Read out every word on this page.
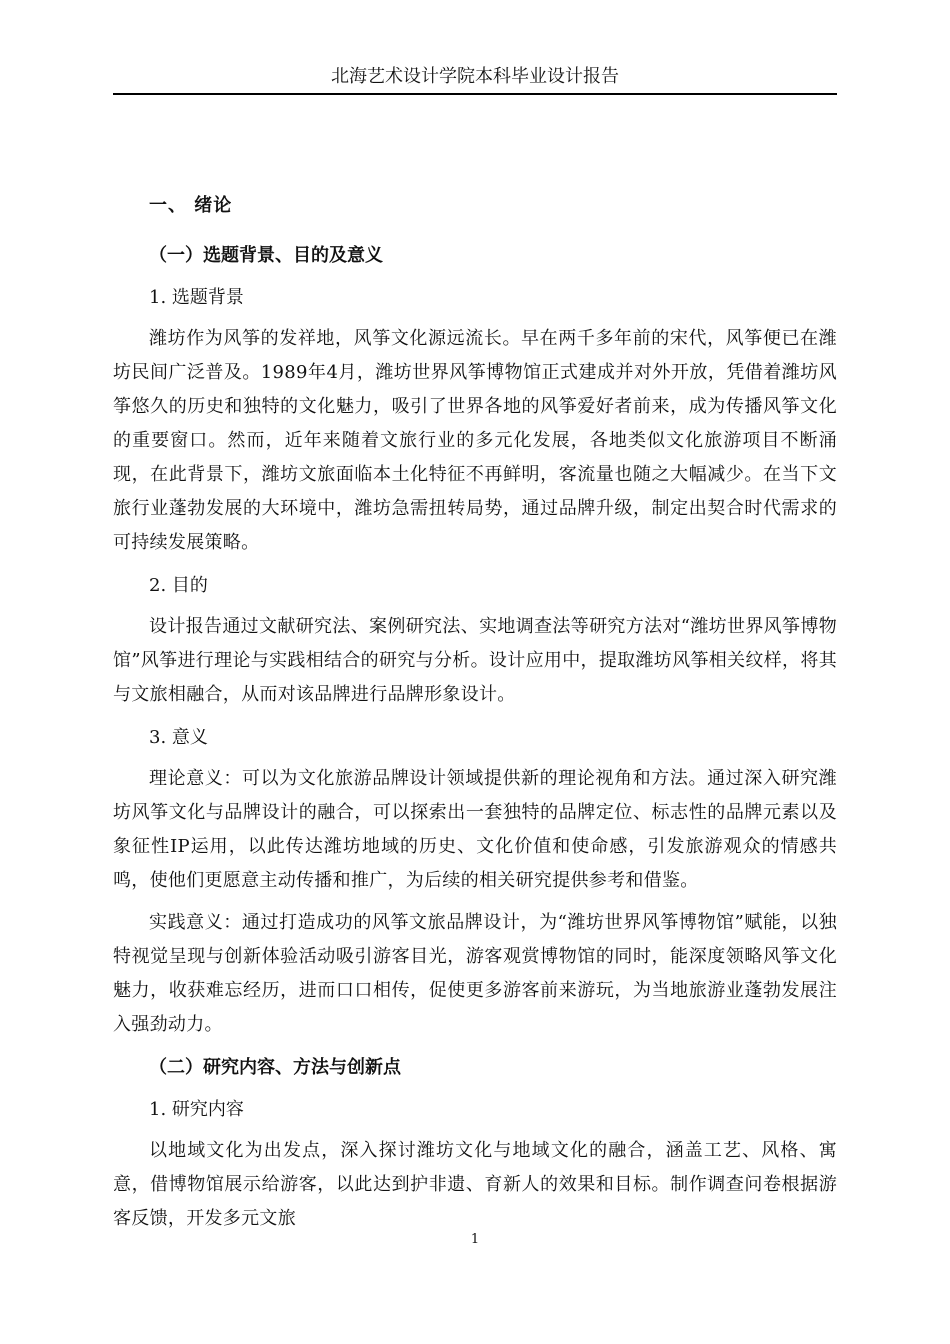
北海艺术设计学院本科毕业设计报告
一、 绪论
（一）选题背景、目的及意义
1. 选题背景

潍坊作为风筝的发祥地，风筝文化源远流长。早在两千多年前的宋代，风筝便已在潍坊民间广泛普及。1989年4月，潍坊世界风筝博物馆正式建成并对外开放，凭借着潍坊风筝悠久的历史和独特的文化魅力，吸引了世界各地的风筝爱好者前来，成为传播风筝文化的重要窗口。然而，近年来随着文旅行业的多元化发展，各地类似文化旅游项目不断涌现，在此背景下，潍坊文旅面临本土化特征不再鲜明，客流量也随之大幅减少。在当下文旅行业蓬勃发展的大环境中，潍坊急需扭转局势，通过品牌升级，制定出契合时代需求的可持续发展策略。

2. 目的

设计报告通过文献研究法、案例研究法、实地调查法等研究方法对“潍坊世界风筝博物馆”风筝进行理论与实践相结合的研究与分析。设计应用中，提取潍坊风筝相关纹样，将其与文旅相融合，从而对该品牌进行品牌形象设计。

3. 意义

理论意义：可以为文化旅游品牌设计领域提供新的理论视角和方法。通过深入研究潍坊风筝文化与品牌设计的融合，可以探索出一套独特的品牌定位、标志性的品牌元素以及象征性IP运用，以此传达潍坊地域的历史、文化价值和使命感，引发旅游观众的情感共鸣，使他们更愿意主动传播和推广，为后续的相关研究提供参考和借鉴。

实践意义：通过打造成功的风筝文旅品牌设计，为“潍坊世界风筝博物馆”赋能，以独特视觉呈现与创新体验活动吸引游客目光，游客观赏博物馆的同时，能深度领略风筝文化魅力，收获难忘经历，进而口口相传，促使更多游客前来游玩，为当地旅游业蓬勃发展注入强劲动力。

（二）研究内容、方法与创新点
1. 研究内容

以地域文化为出发点，深入探讨潍坊文化与地域文化的融合，涵盖工艺、风格、寓意，借博物馆展示给游客，以此达到护非遗、育新人的效果和目标。制作调查问卷根据游客反馈，开发多元文旅

1
